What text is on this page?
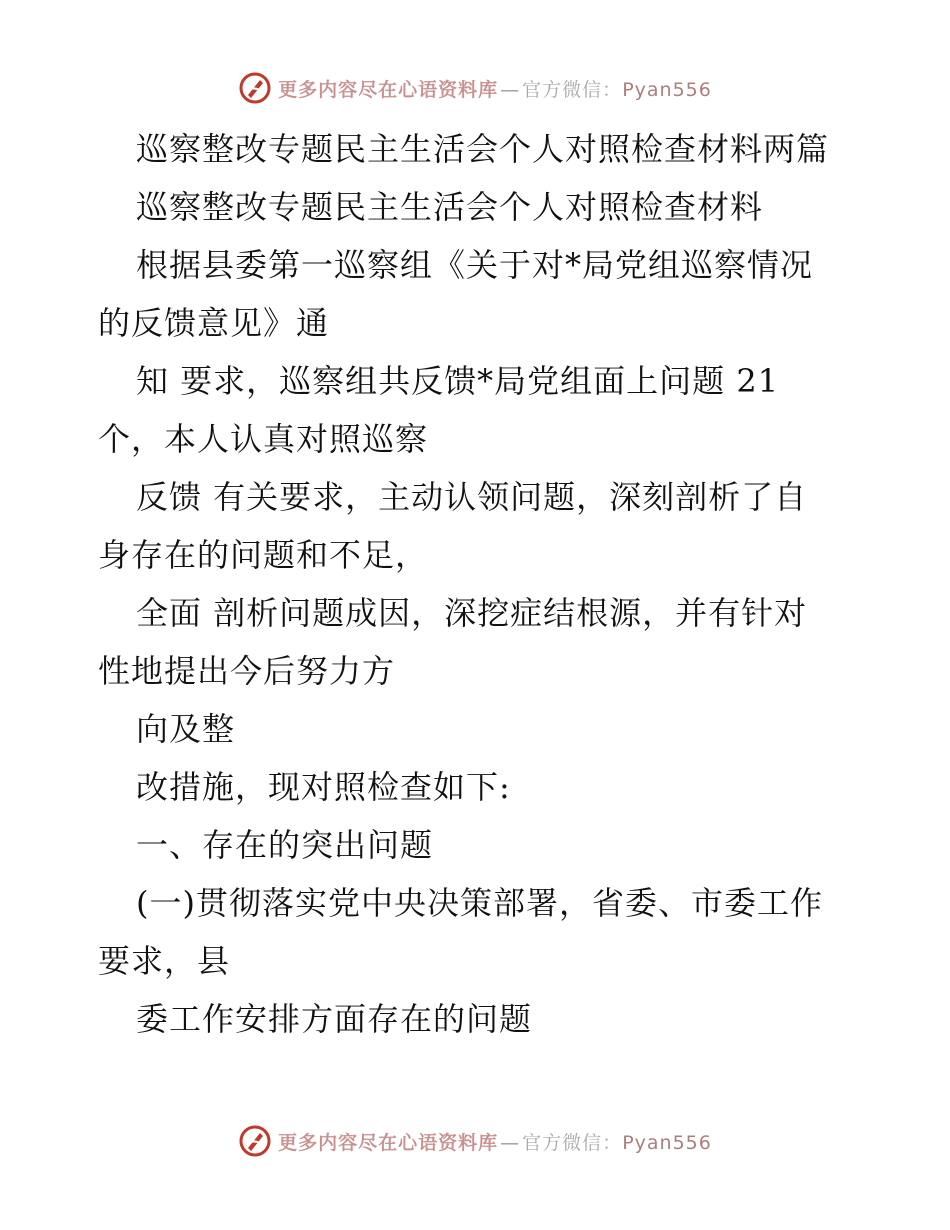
更多内容尽在心语资料库 — 官方微信：Pyan556
巡察整改专题民主生活会个人对照检查材料两篇
巡察整改专题民主生活会个人对照检查材料
根据县委第一巡察组《关于对*局党组巡察情况
的反馈意见》通
知 要求，巡察组共反馈*局党组面上问题 21
个，本人认真对照巡察
反馈 有关要求，主动认领问题，深刻剖析了自
身存在的问题和不足，
全面 剖析问题成因，深挖症结根源，并有针对
性地提出今后努力方
向及整
改措施，现对照检查如下:
一、存在的突出问题
(一)贯彻落实党中央决策部署，省委、市委工作
要求，县
委工作安排方面存在的问题
更多内容尽在心语资料库 — 官方微信：Pyan556
